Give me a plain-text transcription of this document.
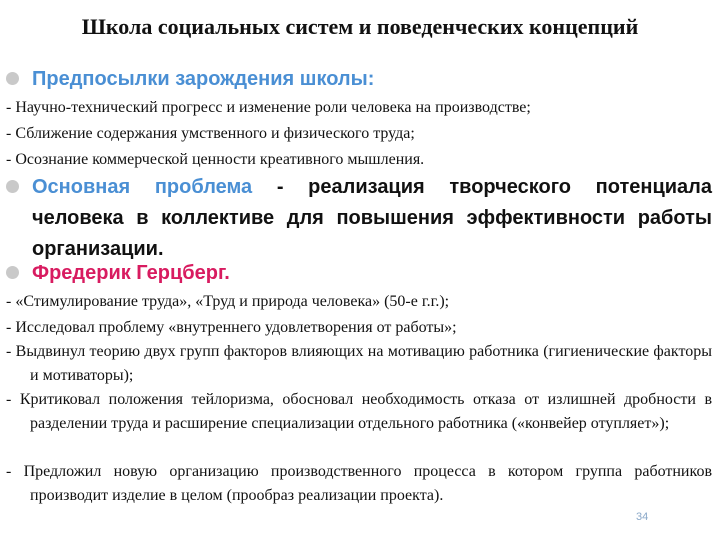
Школа социальных систем и поведенческих концепций
Предпосылки зарождения школы:
- Научно-технический прогресс и изменение роли человека на производстве;
- Сближение содержания умственного и физического труда;
- Осознание коммерческой ценности креативного мышления.
Основная проблема - реализация творческого потенциала человека в коллективе для повышения эффективности работы организации.
Фредерик Герцберг.
- «Стимулирование труда», «Труд и природа человека» (50-е г.г.);
- Исследовал проблему «внутреннего удовлетворения от работы»;
- Выдвинул теорию двух групп факторов влияющих на мотивацию работника (гигиенические факторы и мотиваторы);
- Критиковал положения тейлоризма, обосновал необходимость отказа от излишней дробности в разделении труда и расширение специализации отдельного работника («конвейер отупляет»);
- Предложил новую организацию производственного процесса в котором группа работников производит изделие в целом (прообраз реализации проекта).
34
